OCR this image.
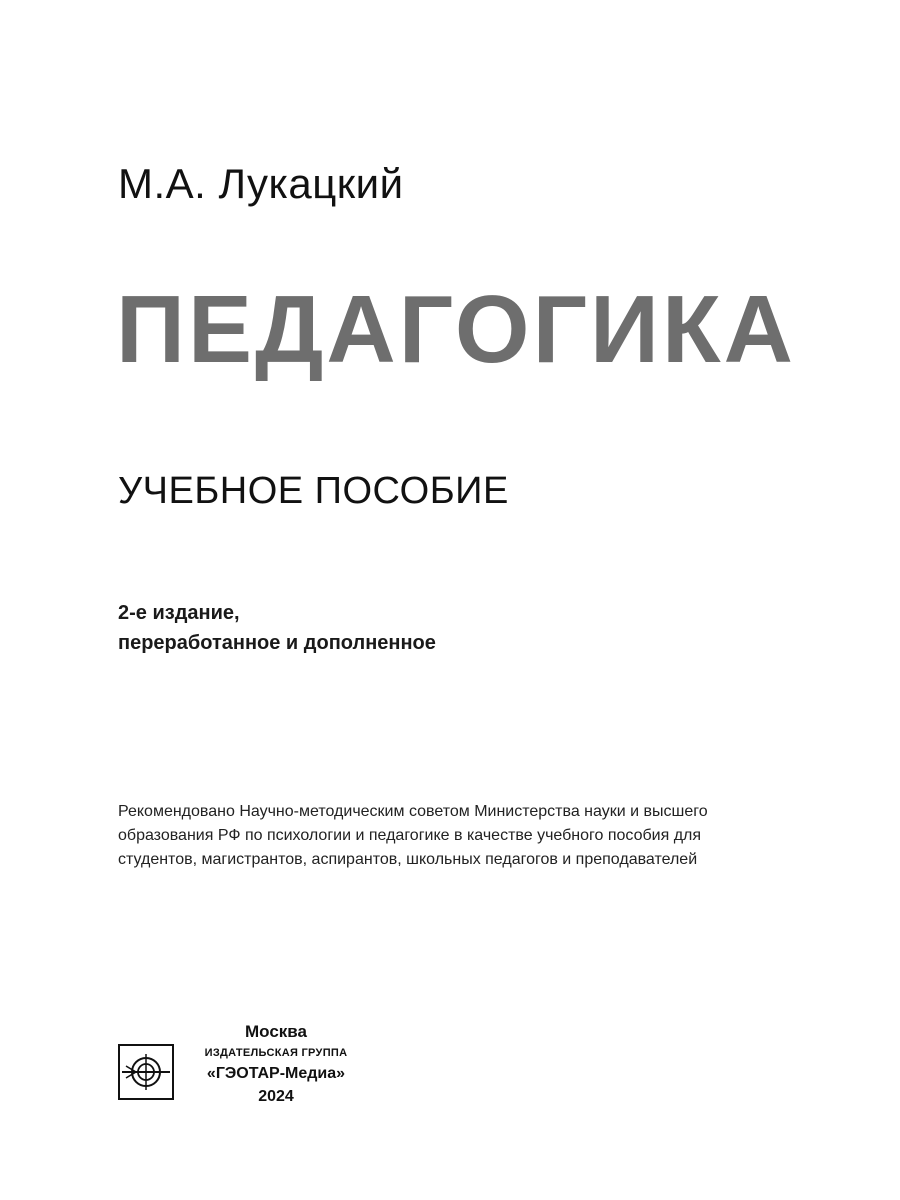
М.А. Лукацкий
ПЕДАГОГИКА
УЧЕБНОЕ ПОСОБИЕ
2-е издание,
переработанное и дополненное
Рекомендовано Научно-методическим советом Министерства науки и высшего
образования РФ по психологии и педагогике в качестве учебного пособия для
студентов, магистрантов, аспирантов, школьных педагогов и преподавателей
Москва
ИЗДАТЕЛЬСКАЯ ГРУППА
«ГЭОТАР-Медиа»
2024
